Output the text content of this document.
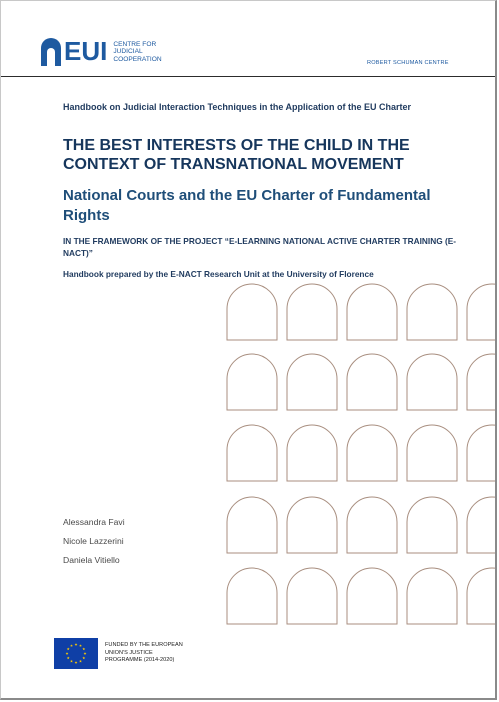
EUI CENTRE FOR
JUDICIAL
COOPERATION
ROBERT SCHUMAN CENTRE
Handbook on Judicial Interaction Techniques in the Application of the EU Charter
THE BEST INTERESTS OF THE CHILD IN THE CONTEXT OF TRANSNATIONAL MOVEMENT
National Courts and the EU Charter of Fundamental Rights
IN THE FRAMEWORK OF THE PROJECT “E-LEARNING NATIONAL ACTIVE CHARTER TRAINING (E-NACT)”
Handbook prepared by the E-NACT Research Unit at the University of Florence
Alessandra Favi
Nicole Lazzerini
Daniela Vitiello
FUNDED BY THE EUROPEAN
UNION'S JUSTICE
PROGRAMME (2014-2020)
